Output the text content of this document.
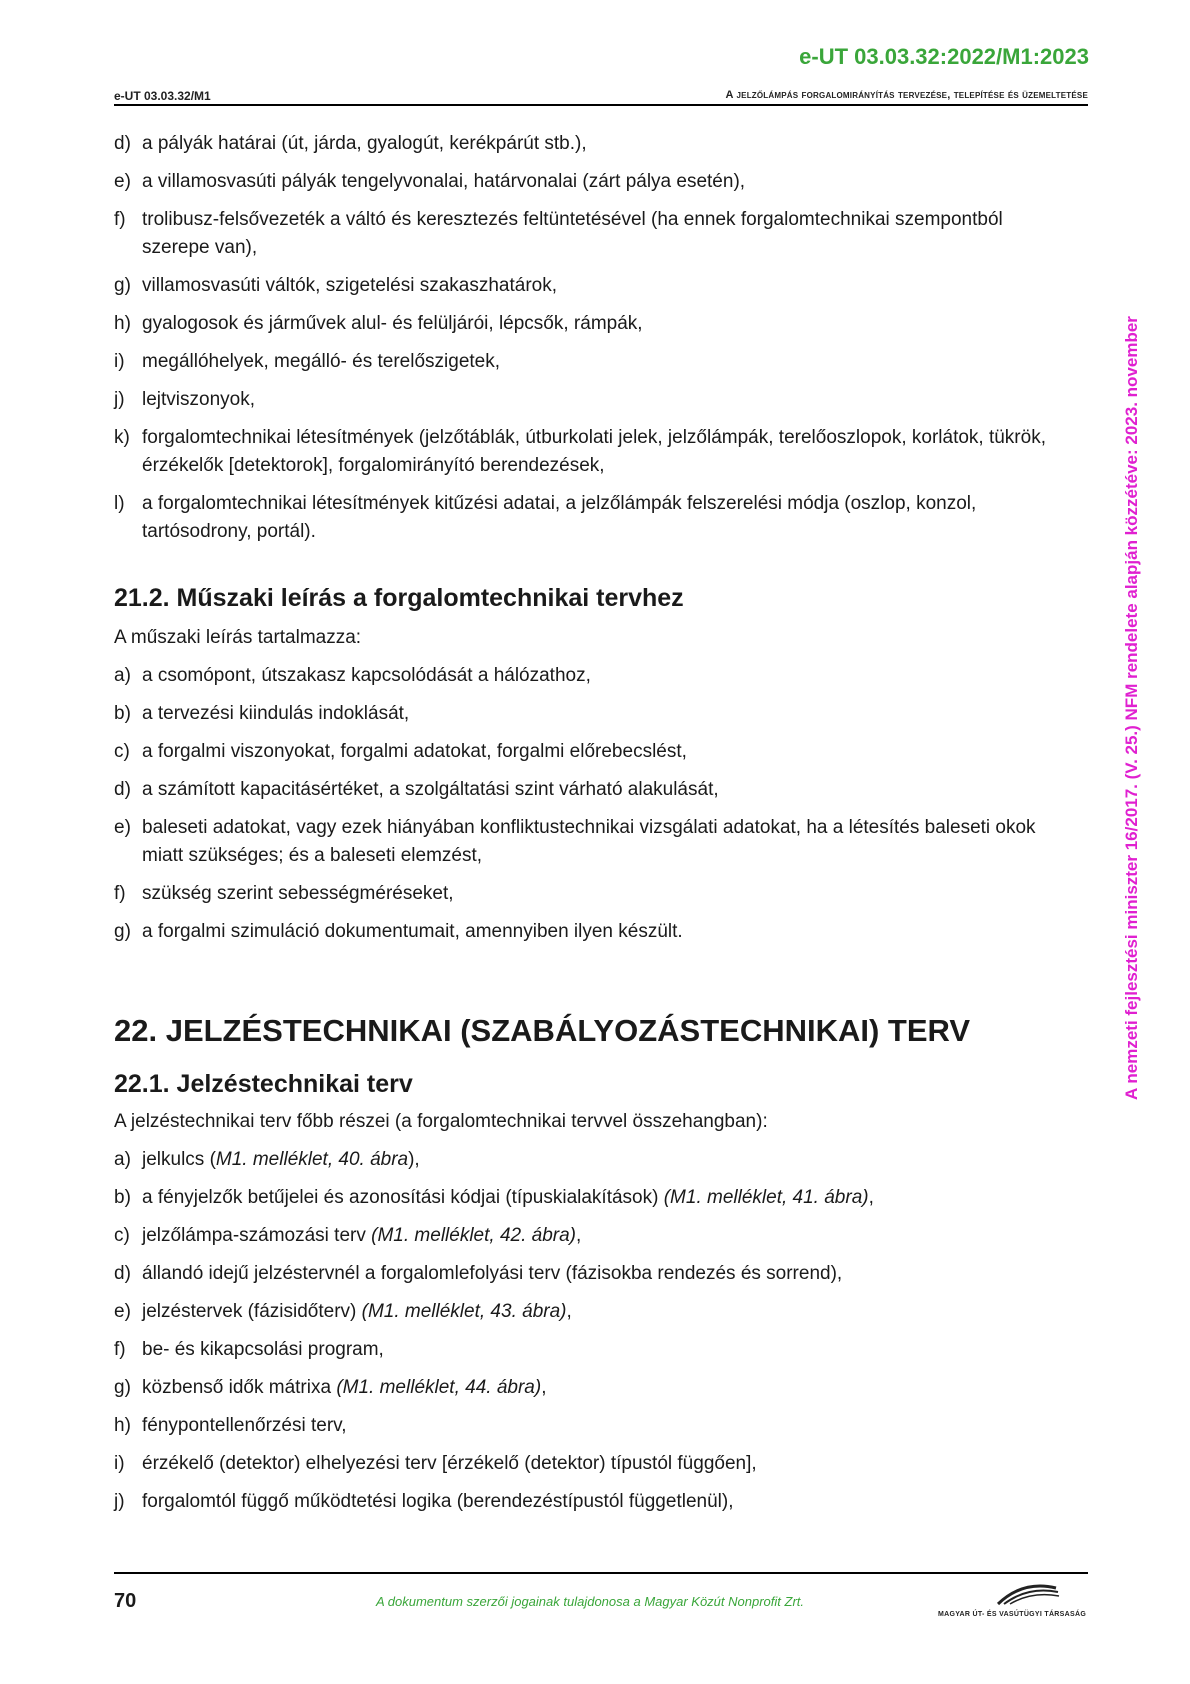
e-UT 03.03.32:2022/M1:2023
e-UT 03.03.32/M1	A jelzőlámpás forgalomirányítás tervezése, telepítése és üzemeltetése
d) a pályák határai (út, járda, gyalogút, kerékpárút stb.),
e) a villamosvasúti pályák tengelyvonalai, határvonalai (zárt pálya esetén),
f) trolibusz-felsővezeték a váltó és keresztezés feltüntetésével (ha ennek forgalomtechnikai szempontból szerepe van),
g) villamosvasúti váltók, szigetelési szakaszhatárok,
h) gyalogosok és járművek alul- és felüljárói, lépcsők, rámpák,
i) megállóhelyek, megálló- és terelőszigetek,
j) lejtviszonyok,
k) forgalomtechnikai létesítmények (jelzőtáblák, útburkolati jelek, jelzőlámpák, terelőoszlopok, korlátok, tükrök, érzékelők [detektorok], forgalomirányító berendezések,
l) a forgalomtechnikai létesítmények kitűzési adatai, a jelzőlámpák felszerelési módja (oszlop, konzol, tartósodrony, portál).
21.2. Műszaki leírás a forgalomtechnikai tervhez
A műszaki leírás tartalmazza:
a) a csomópont, útszakasz kapcsolódását a hálózathoz,
b) a tervezési kiindulás indoklását,
c) a forgalmi viszonyokat, forgalmi adatokat, forgalmi előrebecslést,
d) a számított kapacitásértéket, a szolgáltatási szint várható alakulását,
e) baleseti adatokat, vagy ezek hiányában konfliktustechnikai vizsgálati adatokat, ha a létesítés baleseti okok miatt szükséges; és a baleseti elemzést,
f) szükség szerint sebességméréseket,
g) a forgalmi szimuláció dokumentumait, amennyiben ilyen készült.
22. JELZÉSTECHNIKAI (SZABÁLYOZÁSTECHNIKAI) TERV
22.1. Jelzéstechnikai terv
A jelzéstechnikai terv főbb részei (a forgalomtechnikai tervvel összehangban):
a) jelkulcs (M1. melléklet, 40. ábra),
b) a fényjelzők betűjelei és azonosítási kódjai (típuskialakítások) (M1. melléklet, 41. ábra),
c) jelzőlámpa-számozási terv (M1. melléklet, 42. ábra),
d) állandó idejű jelzéstervnél a forgalomlefolyási terv (fázisokba rendezés és sorrend),
e) jelzéstervek (fázisidőterv) (M1. melléklet, 43. ábra),
f) be- és kikapcsolási program,
g) közbenső idők mátrixa (M1. melléklet, 44. ábra),
h) fénypontellenőrzési terv,
i) érzékelő (detektor) elhelyezési terv [érzékelő (detektor) típustól függően],
j) forgalomtól függő működtetési logika (berendezéstípustól függetlenül),
A nemzeti fejlesztési miniszter 16/2017. (V. 25.) NFM rendelete alapján közzétéve: 2023. november
70	A dokumentum szerzői jogainak tulajdonosa a Magyar Közút Nonprofit Zrt.
MAGYAR ÚT- ÉS VASÚTÜGYI TÁRSASÁG
